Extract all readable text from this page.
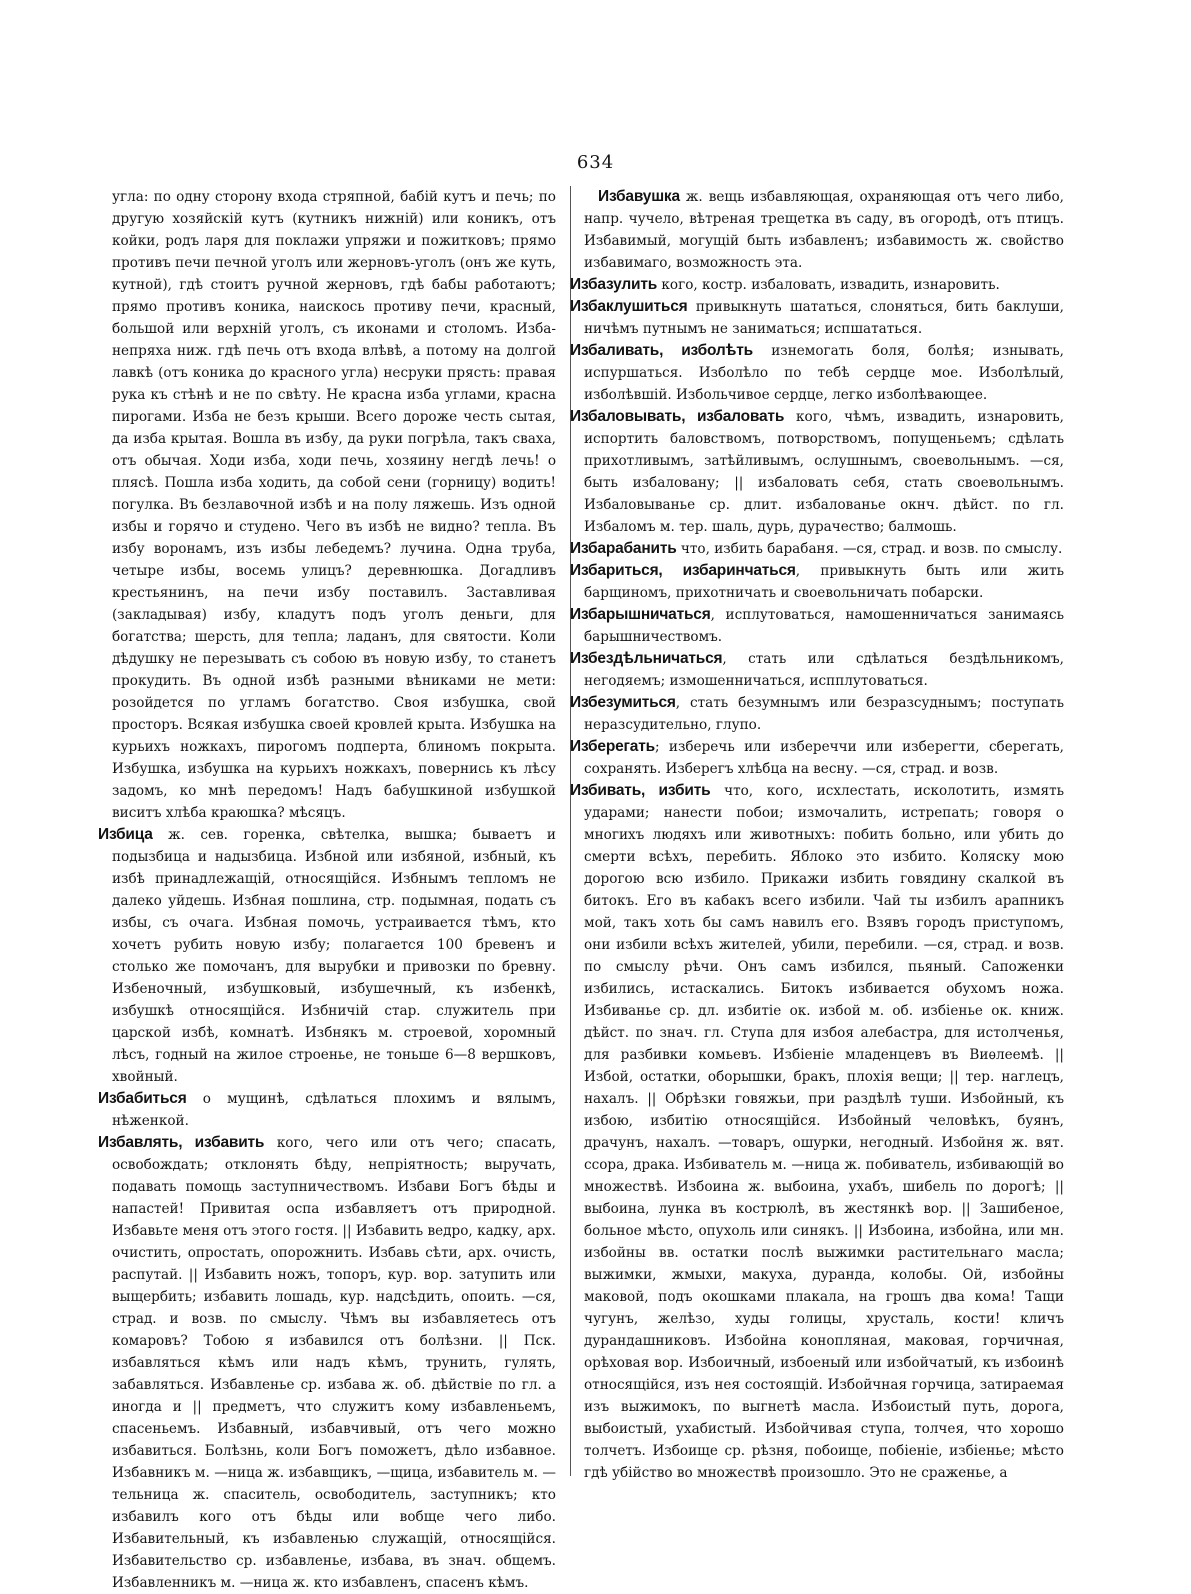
634

угла: по одну сторону входа стряпной, бабій кутъ и печь; по другую хозяйскій кутъ (кутникъ нижній) или коникъ, отъ койки, родъ ларя для поклажи упряжи и пожитковъ; прямо противъ печи печной уголъ или жерновъ-уголъ (онъ же куть, кутной), гдѣ стоитъ ручной жерновъ, гдѣ бабы работаютъ; прямо противъ коника, наискось противу печи, красный, большой или верхній уголъ, съ иконами и столомъ. Изба-непряха ниж. гдѣ печь отъ входа влѣвѣ, а потому на долгой лавкѣ (отъ коника до красного угла) несруки прясть: правая рука къ стѣнѣ и не по свѣту. Не красна изба углами, красна пирогами. Изба не безъ крыши. Всего дороже честь сытая, да изба крытая. Вошла въ избу, да руки погрѣла, такъ сваха, отъ обычая. Ходи изба, ходи печь, хозяину негдѣ лечь! о плясѣ. Пошла изба ходить, да собой сени (горницу) водить! погулка. Въ безлавочной избѣ и на полу ляжешь. Изъ одной избы и горячо и студено. Чего въ избѣ не видно? тепла. Въ избу воронамъ, изъ избы лебедемъ? лучина. Одна труба, четыре избы, восемь улицъ? деревнюшка. Догадливъ крестьянинъ, на печи избу поставилъ. Заставливая (закладывая) избу, кладутъ подъ уголъ деньги, для богатства; шерсть, для тепла; ладанъ, для святости. Коли дѣдушку не перезывать съ собою въ новую избу, то станетъ прокудить. Въ одной избѣ разными вѣниками не мети: розойдется по угламъ богатство. Своя избушка, свой просторъ. Всякая избушка своей кровлей крыта. Избушка на курьихъ ножкахъ, пирогомъ подперта, блиномъ покрыта. Избушка, избушка на курьихъ ножкахъ, повернись къ лѣсу задомъ, ко мнѣ передомъ! Надъ бабушкиной избушкой виситъ хлѣба краюшка? мѣсяцъ.

Избица ж. сев. горенка, свѣтелка, вышка; бываетъ и подызбица и надызбица. Избной или избяной, избный, къ избѣ принадлежащій, относящійся. Избнымъ тепломъ не далеко уйдешь. Избная пошлина, стр. подымная, подать съ избы, съ очага. Избная помочь, устраивается тѣмъ, кто хочетъ рубить новую избу; полагается 100 бревенъ и столько же помочанъ, для вырубки и привозки по бревну. Избеночный, избушковый, избушечный, къ избенкѣ, избушкѣ относящійся. Избничій стар. служитель при царской избѣ, комнатѣ. Избнякъ м. строевой, хоромный лѣсъ, годный на жилое строенье, не тоньше 6—8 вершковъ, хвойный.

Избабиться о мущинѣ, сдѣлаться плохимъ и вялымъ, нѣженкой.

Избавлять, избавить кого, чего или отъ чего; спасать, освобождать; отклонять бѣду, непріятность; выручать, подавать помощь заступничествомъ. Избави Богъ бѣды и напастей! Привитая оспа избавляетъ отъ природной. Избавьте меня отъ этого гостя. || Избавить ведро, кадку, арх. очистить, опростать, опорожнить. Избавь сѣти, арх. очисть, распутай. || Избавить ножъ, топоръ, кур. вор. затупить или выщербить; избавить лошадь, кур. надсѣдить, опоить. —ся, страд. и возв. по смыслу. Чѣмъ вы избавляетесь отъ комаровъ? Тобою я избавился отъ болѣзни. || Пск. избавляться кѣмъ или надъ кѣмъ, трунить, гулять, забавляться. Избавленье ср. избава ж. об. дѣйствіе по гл. а иногда и || предметъ, что служитъ кому избавленьемъ, спасеньемъ. Избавный, избавчивый, отъ чего можно избавиться. Болѣзнь, коли Богъ поможетъ, дѣло избавное. Избавникъ м. —ница ж. избавщикъ, —щица, избавитель м. —тельница ж. спаситель, освободитель, заступникъ; кто избавилъ кого отъ бѣды или вобще чего либо. Избавительный, къ избавленью служащій, относящійся. Избавительство ср. избавленье, избава, въ знач. общемъ. Избавленникъ м. —ница ж. кто избавленъ, спасенъ кѣмъ.

Избавушка ж. вещь избавляющая, охраняющая отъ чего либо, напр. чучело, вѣтреная трещетка въ саду, въ огородѣ, отъ птицъ. Избавимый, могущій быть избавленъ; избавимость ж. свойство избавимаго, возможность эта.

Избазулить кого, костр. избаловать, извадить, изнаровить.

Избаклушиться привыкнуть шататься, слоняться, бить баклуши, ничѣмъ путнымъ не заниматься; испшататься.

Избаливать, изболѣть изнемогать боля, болѣя; изнывать, испуршаться. Изболѣло по тебѣ сердце мое. Изболѣлый, изболѣвшій. Избольчивое сердце, легко изболѣвающее.

Избаловывать, избаловать кого, чѣмъ, извадить, изнаровить, испортить баловствомъ, потворствомъ, попущеньемъ; сдѣлать прихотливымъ, затѣйливымъ, ослушнымъ, своевольнымъ. —ся, быть избаловану; || избаловать себя, стать своевольнымъ. Избаловыванье ср. длит. избалованье окнч. дѣйст. по гл. Избаломъ м. тер. шаль, дурь, дурачество; балмошь.

Избарабанить что, избить барабаня. —ся, страд. и возв. по смыслу.

Избариться, избаринчаться, привыкнуть быть или жить барщиномъ, прихотничать и своевольничать побарски.

Избарышничаться, исплутоваться, намошенничаться занимаясь барышничествомъ.

Избездѣльничаться, стать или сдѣлаться бездѣльникомъ, негодяемъ; измошенничаться, испплутоваться.

Избезумиться, стать безумнымъ или безразсуднымъ; поступать неразсудительно, глупо.

Изберегать; изберечь или избереччи или изберегти, сберегать, сохранять. Изберегъ хлѣбца на весну. —ся, страд. и возв.

Избивать, избить что, кого, исхлестать, исколотить, измять ударами; нанести побои; измочалить, истрепать; говоря о многихъ людяхъ или животныхъ: побить больно, или убить до смерти всѣхъ, перебить. Яблоко это избито. Коляску мою дорогою всю избило. Прикажи избить говядину скалкой въ битокъ. Его въ кабакъ всего избили. Чай ты избилъ арапникъ мой, такъ хоть бы самъ навилъ его. Взявъ городъ приступомъ, они избили всѣхъ жителей, убили, перебили. —ся, страд. и возв. по смыслу рѣчи. Онъ самъ избился, пьяный. Сапоженки избились, истаскались. Битокъ избивается обухомъ ножа. Избиванье ср. дл. избитіе ок. избой м. об. избіенье ок. книж. дѣйст. по знач. гл. Ступа для избоя алебастра, для истолченья, для разбивки комьевъ. Избіеніе младенцевъ въ Виѳлеемѣ. || Избой, остатки, оборышки, бракъ, плохія вещи; || тер. наглецъ, нахалъ. || Обрѣзки говяжьи, при раздѣлѣ туши. Избойный, къ избою, избитію относящійся. Избойный человѣкъ, буянъ, драчунъ, нахалъ. —товаръ, ошурки, негодный. Избойня ж. вят. ссора, драка. Избиватель м. —ница ж. побиватель, избивающій во множествѣ. Избоина ж. выбоина, ухабъ, шибель по дорогѣ; || выбоина, лунка въ кострюлѣ, въ жестянкѣ вор. || Зашибеное, больное мѣсто, опухоль или синякъ. || Избоина, избойна, или мн. избойны вв. остатки послѣ выжимки растительнаго масла; выжимки, жмыхи, макуха, дуранда, колобы. Ой, избойны маковой, подъ окошками плакала, на грошъ два кома! Тащи чугунъ, желѣзо, худы голицы, хрусталь, кости! кличъ дурандашниковъ. Избойна конопляная, маковая, горчичная, орѣховая вор. Избоичный, избоеный или избойчатый, къ избоинѣ относящійся, изъ нея состоящій. Избойчная горчица, затираемая изъ выжимокъ, по выгнетѣ масла. Избоистый путь, дорога, выбоистый, ухабистый. Избойчивая ступа, толчея, что хорошо толчетъ. Избоище ср. рѣзня, побоище, побіеніе, избіенье; мѣсто гдѣ убійство во множествѣ произошло. Это не сраженье, а
